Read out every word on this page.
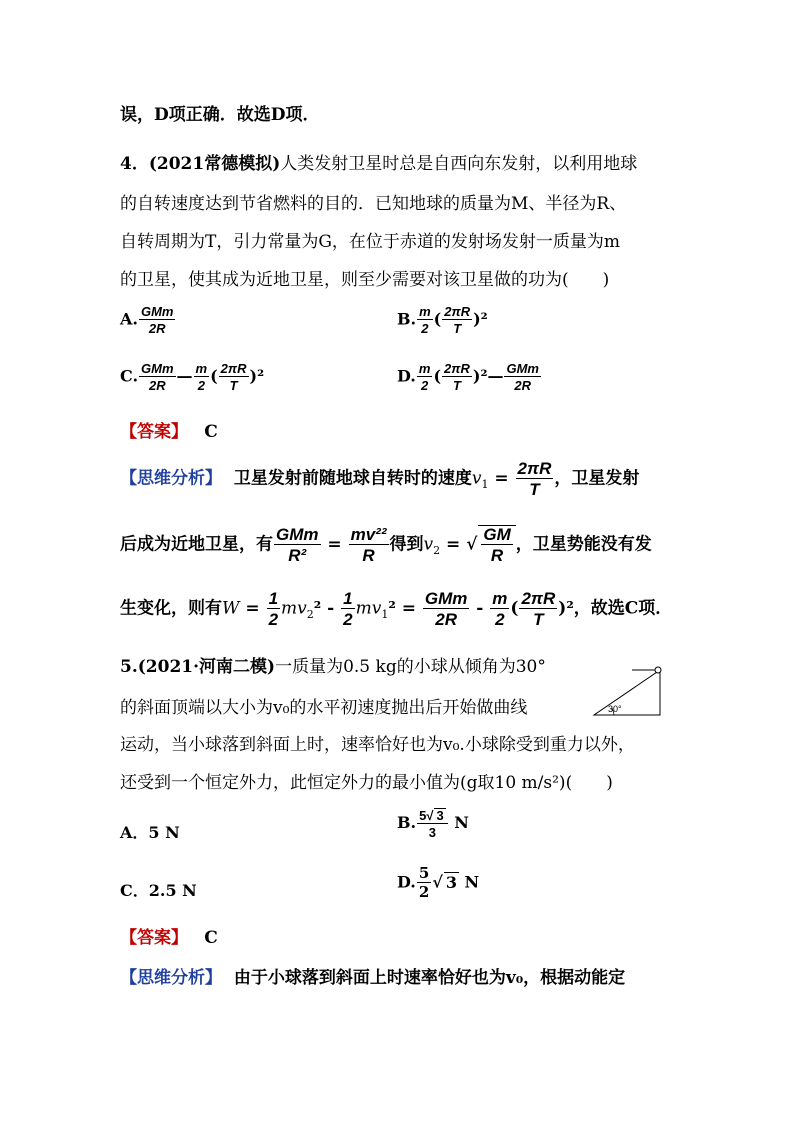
误，D项正确．故选D项．
4．(2021常德模拟)人类发射卫星时总是自西向东发射，以利用地球
的自转速度达到节省燃料的目的．已知地球的质量为M、半径为R、
自转周期为T，引力常量为G，在位于赤道的发射场发射一质量为m
的卫星，使其成为近地卫星，则至少需要对该卫星做的功为(　　)
A. $\frac{\text{GMm}}{2R}$	B. $\frac{m}{2}$ ( $\frac{2\pi R}{T} )^2$
C. $\frac{\text{GMm}}{2R}$ — $\frac{m}{2}$ ( $\frac{2\pi R}{T} )^2$	D. $\frac{m}{2}$ ( $\frac{2\pi R}{T}$ )²— $\frac{\text{GMm}}{2R}$
【答案】 C
【思维分析】 卫星发射前随地球自转时的速度$v_1 = \frac{2\pi R}{T}$ ，卫星发射
后成为近地卫星，有 $\frac{\text{GMm}}{\text{R²}} = \frac{\text{mv²²}}{R}$ 得到$v_2$ = √ $\frac{GM}{R}$ ，卫星势能没有发
生变化，则有$W = \frac{1}{2} mv_2^2 - \frac{1}{2} mv_1^2 = \frac{\text{GMm}}{2R} - \frac{m}{2}$ ( $\frac{2\pi R}{T} )^2$，故选C项．
5.(2021·河南二模)一质量为0.5 kg的小球从倾角为30°
的斜面顶端以大小为v₀的水平初速度抛出后开始做曲线	30°
运动，当小球落到斜面上时，速率恰好也为v₀.小球除受到重力以外，
还受到一个恒定外力，此恒定外力的最小值为(g取10 m/s²)(　　)
A．5 N
B. $\frac{5√ 3}{3}$ N
C．2.5 N	D. $\frac{5}{2}$ √ 3 N
【答案】 C
【思维分析】 由于小球落到斜面上时速率恰好也为v₀，根据动能定
